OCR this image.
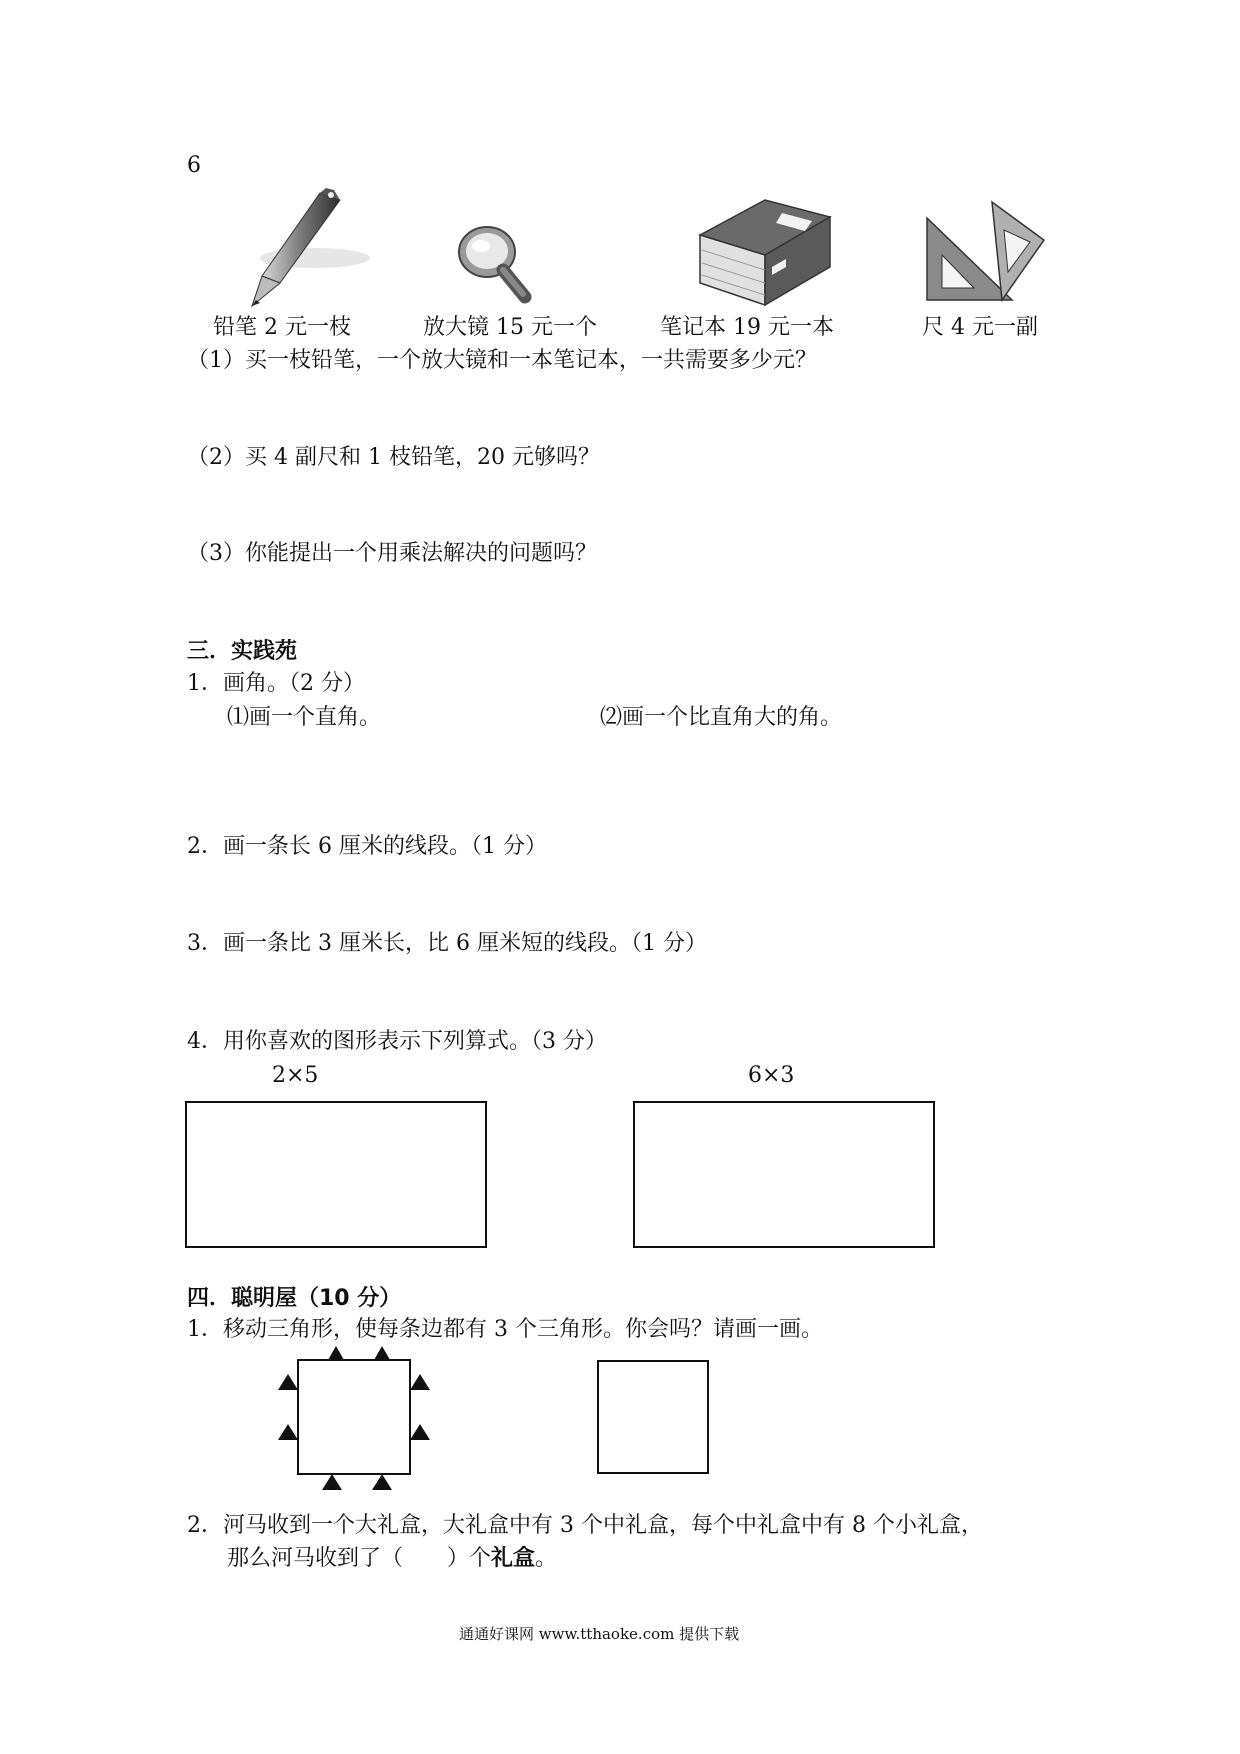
6
铅笔 2 元一枝	放大镜 15 元一个	笔记本 19 元一本	尺 4 元一副
（1）买一枝铅笔，一个放大镜和一本笔记本，一共需要多少元？
（2）买 4 副尺和 1 枝铅笔，20 元够吗？
（3）你能提出一个用乘法解决的问题吗？
三．实践苑
1．画角。（2 分）
⑴画一个直角。	⑵画一个比直角大的角。
2．画一条长 6 厘米的线段。（1 分）
3．画一条比 3 厘米长，比 6 厘米短的线段。（1 分）
4．用你喜欢的图形表示下列算式。（3 分）
2×5	6×3
四．聪明屋（10 分）
1．移动三角形，使每条边都有 3 个三角形。你会吗？请画一画。
2．河马收到一个大礼盒，大礼盒中有 3 个中礼盒，每个中礼盒中有 8 个小礼盒，
那么河马收到了（　　）个礼盒。
通通好课网 www.tthaoke.com 提供下载
